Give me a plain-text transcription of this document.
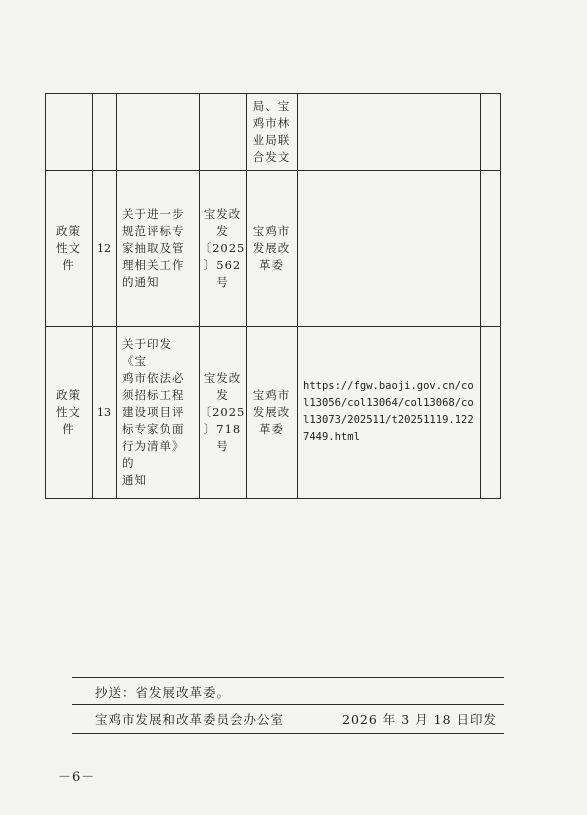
局、宝
鸡市林
业局联
合发文
政策
性文
件
12
关于进一步
规范评标专
家抽取及管
理相关工作
的通知
宝发改
发
〔2025
〕562
号
宝鸡市
发展改
革委
政策
性文
件
13
关于印发《宝
鸡市依法必
须招标工程
建设项目评
标专家负面
行为清单》的
通知
宝发改
发
〔2025
〕718
号
宝鸡市
发展改
革委
https://fgw.baoji.gov.cn/col13056/col13064/col13068/col13073/202511/t20251119.1227449.html
抄送：省发展改革委。
宝鸡市发展和改革委员会办公室	2026 年 3 月 18 日印发
－6－
